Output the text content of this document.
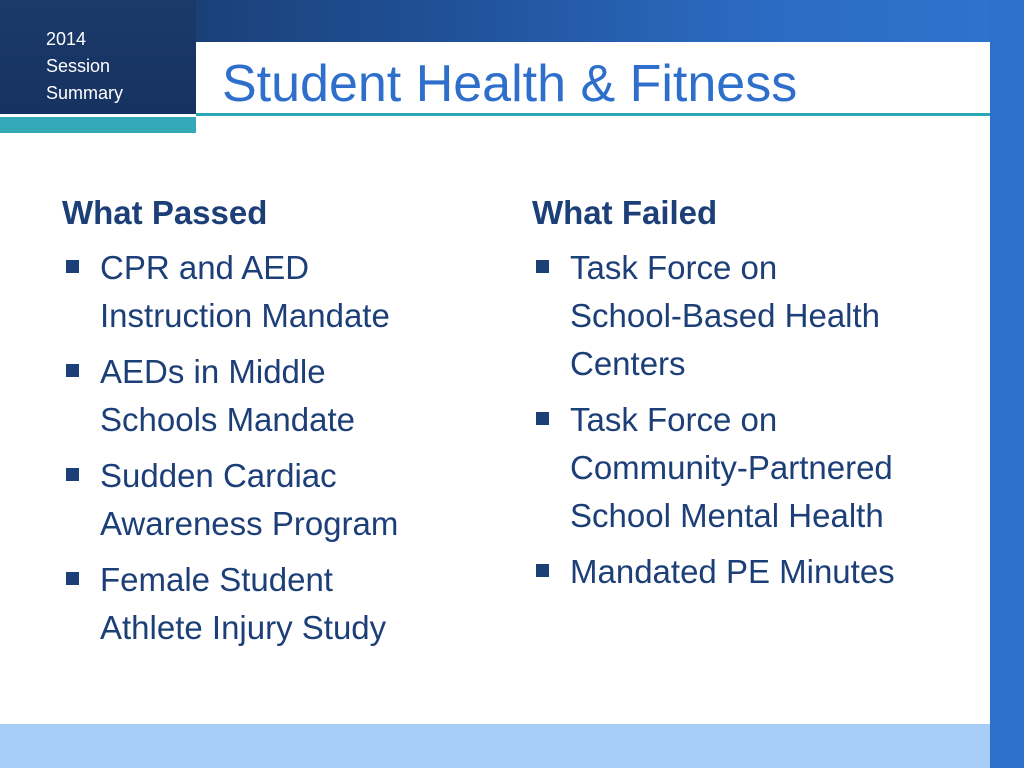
2014
Session
Summary Student Health & Fitness
What Passed
CPR and AED
Instruction Mandate
AEDs in Middle
Schools Mandate
Sudden Cardiac
Awareness Program
Female Student
Athlete Injury Study
What Failed
Task Force on
School-Based Health
Centers
Task Force on
Community-Partnered
School Mental Health
Mandated PE Minutes
